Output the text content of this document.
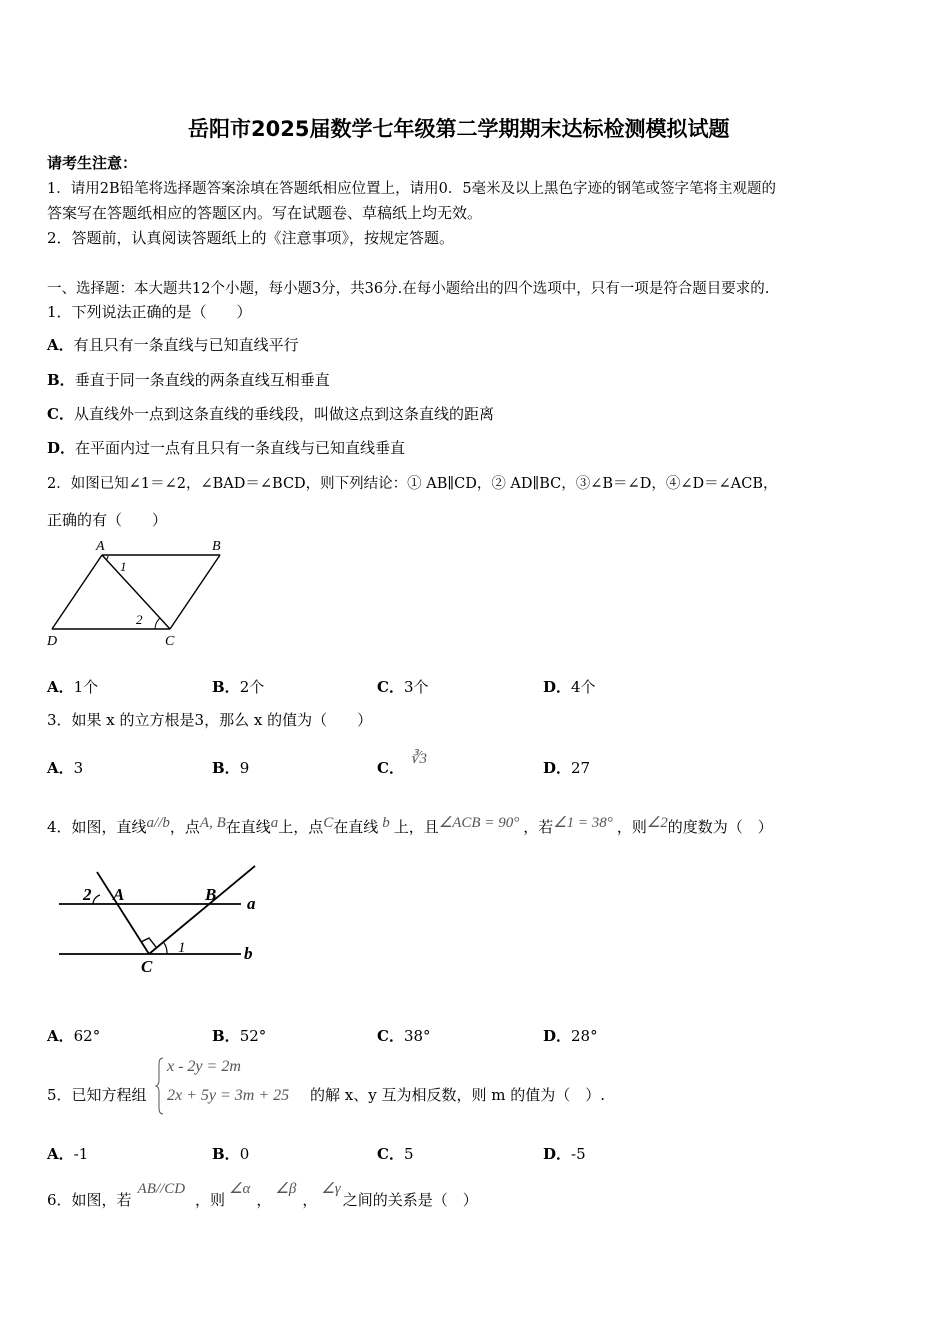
岳阳市2025届数学七年级第二学期期末达标检测模拟试题
请考生注意：
1．请用2B铅笔将选择题答案涂填在答题纸相应位置上，请用0．5毫米及以上黑色字迹的钢笔或签字笔将主观题的
答案写在答题纸相应的答题区内。写在试题卷、草稿纸上均无效。
2．答题前，认真阅读答题纸上的《注意事项》，按规定答题。
一、选择题：本大题共12个小题，每小题3分，共36分.在每小题给出的四个选项中，只有一项是符合题目要求的.
1．下列说法正确的是（　　）
A．有且只有一条直线与已知直线平行
B．垂直于同一条直线的两条直线互相垂直
C．从直线外一点到这条直线的垂线段，叫做这点到这条直线的距离
D．在平面内过一点有且只有一条直线与已知直线垂直
2．如图已知∠1＝∠2，∠BAD＝∠BCD，则下列结论：① AB∥CD，② AD∥BC，③∠B＝∠D，④∠D＝∠ACB，
正确的有（　　）
A	B
C
D
1
2
A．1个	B．2个	C．3个	D．4个
3．如果 x 的立方根是3，那么 x 的值为（　　）
A．3	B．9	C． ∛3	D．27
4．如图，直线a//b，点A, B在直线a上，点C在直线 b 上，且∠ACB = 90° ，若∠1 = 38° ，则∠2的度数为（　）
A	B
C
a
b
1
2
A．62°	B．52°	C．38°	D．28°
5．已知方程组
x - 2y = 2m
2x + 5y = 3m + 25 的解 x、y 互为相反数，则 m 的值为（　）.
A．-1	B．0	C．5	D．-5
6．如图，若AB//CD，则∠α，∠β，∠γ之间的关系是（　）
